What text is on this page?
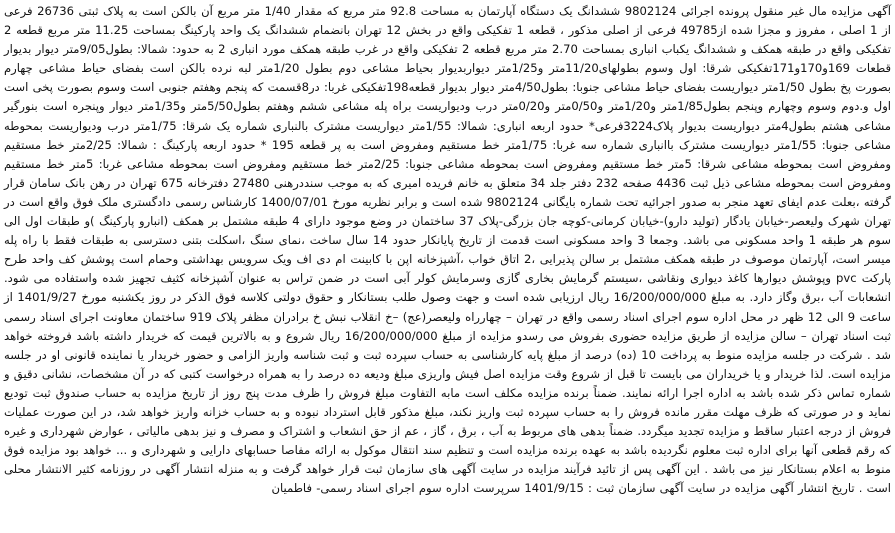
آگهی مزایده مال غیر منقول پرونده اجرائی 9802124 ششدانگ یک دستگاه آپارتمان به مساحت 92.8 متر مربع که مقدار 1/40 متر مربع آن بالکن است به پلاک ثبتی 26736 فرعی از 1 اصلی ، مفروز و مجزا شده از49785 فرعی از اصلی مذکور ، قطعه 1 تفکیکی واقع در بخش 12 تهران بانضمام ششدانگ یک واحد پارکینگ بمساحت 11.25 متر مربع قطعه 2 تفکیکی واقع در طبقه همکف و ششدانگ یکباب انباری بمساحت 2.70 متر مربع قطعه 2 تفکیکی واقع در غرب طبقه همکف مورد انباری 2 به حدود: شمالا: بطول9/05متر دیوار بدیوار قطعات 169و170و171تفکیکی شرقا: اول وسوم بطولهای11/20متر و1/25متر دیواربدیوار بحیاط مشاعی دوم بطول 1/20متر لبه نرده بالکن است بفضای حیاط مشاعی چهارم بصورت پخ بطول 1/50متر دیواریست بفضای حیاط مشاعی جنوبا: بطول4/50متر دیوار بدیوار قطعه198تفکیکی غربا: در8قسمت که پنجم وهفتم جنوبی است وسوم بصورت پخی است اول و.دوم وسوم وچهارم وپنجم بطول1/85متر و1/20متر و0/50متر و0/20متر درب ودیواریست براه پله مشاعی ششم وهفتم بطول5/50متر و1/35متر دیوار وپنجره است بنورگیر مشاعی هشتم بطول4متر دیواریست بدیوار پلاک3224فرعی* حدود اربعه انباری: شمالا: 1/55متر دیواریست مشترک بالنباری شماره یک شرقا: 1/75متر درب ودیواریست بمحوطه مشاعی جنوبا: 1/55متر دیواریست مشترک باانباری شماره سه غربا: 1/75متر خط مستقیم ومفروض است به پر قطعه 195 * حدود اربعه پارکینگ : شمالا: 2/25متر خط مستقیم ومفروض است بمحوطه مشاعی شرقا: 5متر خط مستقیم ومفروض است بمحوطه مشاعی جنوبا: 2/25متر خط مستقیم ومفروض است بمحوطه مشاعی غربا: 5متر خط مستقیم ومفروض است بمحوطه مشاعی ذیل ثبت 4436 صفحه 232 دفتر جلد 34 متعلق به خانم فریده امیری که به موجب سنددرهنی 27480 دفترخانه 675 تهران در رهن بانک سامان قرار گرفته ،بعلت عدم ایفای تعهد منجر به صدور اجرائیه تحت شماره بایگانی 9802124 شده است و برابر نظریه مورخ 1400/07/01 کارشناس رسمی دادگستری ملک فوق واقع است در تهران شهرک ولیعصر-خیابان یادگار (تولید دارو)-خیابان کرمانی-کوچه جان بزرگی-پلاک 37 ساختمان در وضع موجود دارای 4 طبقه مشتمل بر همکف (انبارو پارکینگ )و طبقات اول الی سوم هر طبقه 1 واحد مسکونی می باشد. وجمعا 3 واحد مسکونی است قدمت از تاریخ پایانکار حدود 14 سال ساخت ،نمای سنگ ،اسکلت بتنی دسترسی به طبقات فقط با راه پله میسر است، آپارتمان موصوف در طبقه همکف مشتمل بر سالن پذیرایی ،2 اتاق خواب ،آشپزخانه اپن با کابینت ام دی اف ویک سرویس بهداشتی وحمام است پوشش کف واحد طرح پارکت pvc وپوشش دیوارها کاغذ دیواری ونقاشی ،سیستم گرمایش بخاری گازی وسرمایش کولر آبی است در ضمن تراس به عنوان آشپزخانه کثیف تجهیز شده واستفاده می شود. انشعابات آب ،برق وگاز دارد. به مبلغ 16/200/000/000 ریال ارزیابی شده است و جهت وصول طلب بستانکار و حقوق دولتی کلاسه فوق الذکر در روز یکشنبه مورخ 1401/9/27 از ساعت 9 الی 12 ظهر در محل اداره سوم اجرای اسناد رسمی واقع در تهران – چهارراه ولیعصر(عج) –خ انقلاب نبش خ برادران مظفر پلاک 919 ساختمان معاونت اجرای اسناد رسمی ثبت اسناد تهران – سالن مزایده از طریق مزایده حضوری بفروش می رسدو مزایده از مبلغ 16/200/000/000 ریال شروع و به بالاترین قیمت که خریدار داشته باشد فروخته خواهد شد . شرکت در جلسه مزایده منوط به پرداخت 10 (ده) درصد از مبلغ پایه کارشناسی به حساب سپرده ثبت و ثبت شناسه واریز الزامی و حضور خریدار یا نماینده قانونی او در جلسه مزایده است. لذا خریدار و یا خریداران می بایست تا قبل از شروع وقت مزایده اصل فیش واریزی مبلغ ودیعه ده درصد را به همراه درخواست کتبی که در آن مشخصات، نشانی دقیق و شماره تماس ذکر شده باشد به اداره اجرا ارائه نمایند. ضمناً برنده مزایده مکلف است مابه التفاوت مبلغ فروش را ظرف مدت پنج روز از تاریخ مزایده به حساب صندوق ثبت تودیع نماید و در صورتی که ظرف مهلت مقرر مانده فروش را به حساب سپرده ثبت واریز نکند، مبلغ مذکور قابل استرداد نبوده و به حساب خزانه واریز خواهد شد، در این صورت عملیات فروش از درجه اعتبار ساقط و مزایده تجدید میگردد. ضمناً بدهی های مربوط به آب ، برق ، گاز ، عم از حق انشعاب و اشتراک و مصرف و نیز بدهی مالیاتی ، عوارض شهرداری و غیره که رقم قطعی آنها برای اداره ثبت معلوم نگردیده باشد به عهده برنده مزایده است و تنظیم سند انتقال موکول به ارائه مفاصا حسابهای دارایی و شهرداری و ... خواهد بود مزایده فوق منوط به اعلام بستانکار نیز می باشد . این آگهی پس از تائید فرآیند مزایده در سایت آگهی های سازمان ثبت قرار خواهد گرفت و به منزله انتشار آگهی در روزنامه کثیر الانتشار محلی است . تاریخ انتشار آگهی مزایده در سایت آگهی سازمان ثبت : 1401/9/15 سرپرست اداره سوم اجرای اسناد رسمی- فاطمیان
